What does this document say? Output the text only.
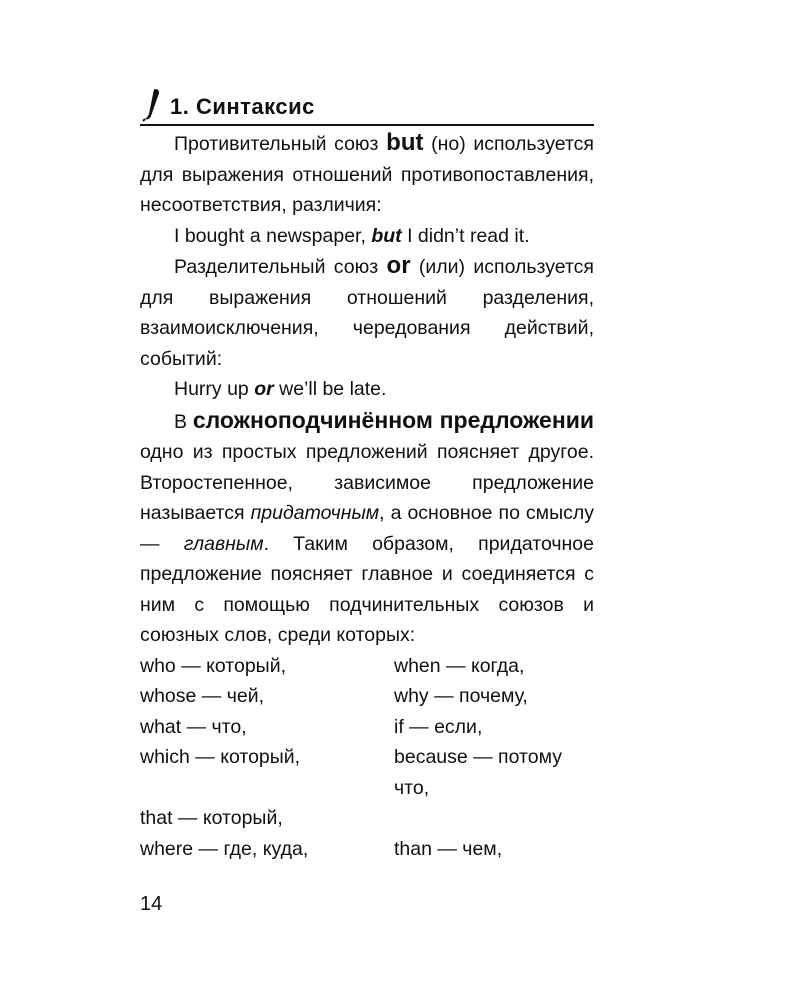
1. Синтаксис

Противительный союз but (но) используется для выражения отношений противопоставления, несоответствия, различия:

I bought a newspaper, but I didn’t read it.

Разделительный союз or (или) используется для выражения отношений разделения, взаимоисключения, чередования действий, событий:

Hurry up or we’ll be late.

В сложноподчинённом предложении одно из простых предложений поясняет другое. Второстепенное, зависимое предложение называется придаточным, а основное по смыслу — главным. Таким образом, придаточное предложение поясняет главное и соединяется с ним с помощью подчинительных союзов и союзных слов, среди которых:

who — который,	when — когда,
whose — чей,	why — почему,
what — что,	if — если,
which — который,	because — потому что,
that — который,
where — где, куда,	than — чем,
14
